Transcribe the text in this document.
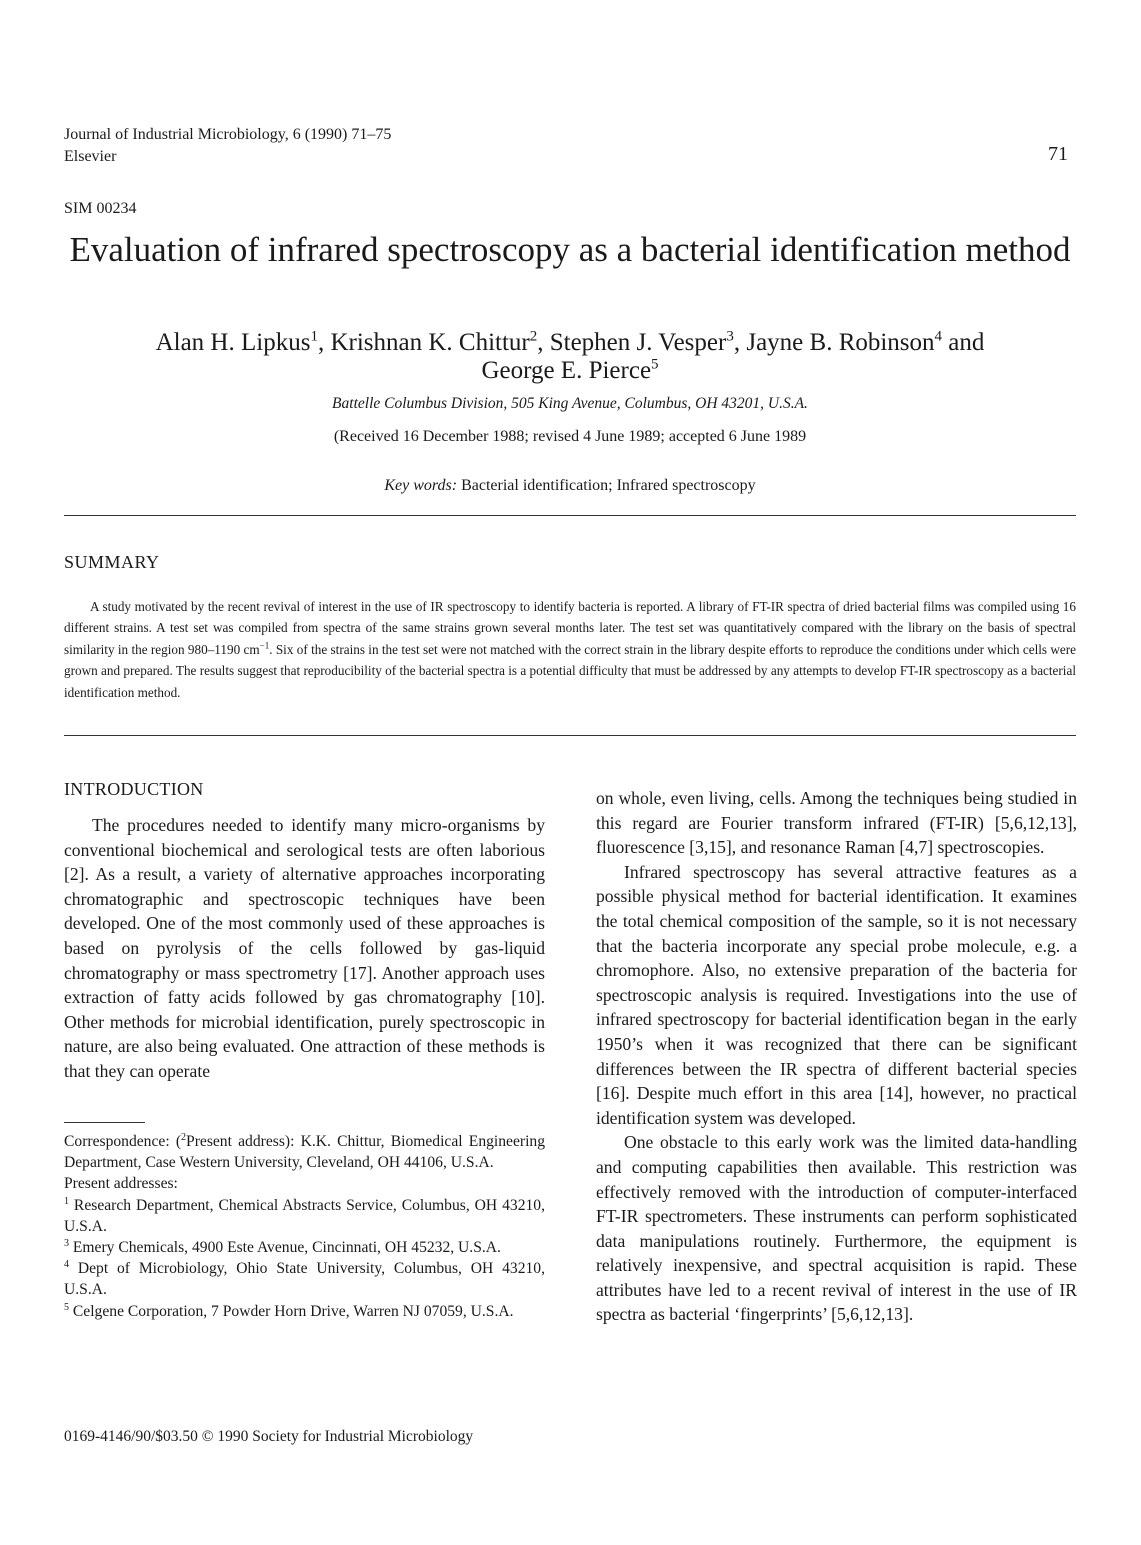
Journal of Industrial Microbiology, 6 (1990) 71–75
Elsevier	71
SIM 00234
Evaluation of infrared spectroscopy as a bacterial identification method
Alan H. Lipkus$^1$, Krishnan K. Chittur$^2$, Stephen J. Vesper$^3$, Jayne B. Robinson$^4$ and
George E. Pierce$^5$
Battelle Columbus Division, 505 King Avenue, Columbus, OH 43201, U.S.A.
(Received 16 December 1988; revised 4 June 1989; accepted 6 June 1989
Key words: Bacterial identification; Infrared spectroscopy
SUMMARY
A study motivated by the recent revival of interest in the use of IR spectroscopy to identify bacteria is reported. A library of FT-IR spectra of dried bacterial films was compiled using 16 different strains. A test set was compiled from spectra of the same strains grown several months later. The test set was quantitatively compared with the library on the basis of spectral similarity in the region 980–1190 $cm^{-1}$. Six of the strains in the test set were not matched with the correct strain in the library despite efforts to reproduce the conditions under which cells were grown and prepared. The results suggest that reproducibility of the bacterial spectra is a potential difficulty that must be addressed by any attempts to develop FT-IR spectroscopy as a bacterial identification method.
INTRODUCTION

The procedures needed to identify many micro-organisms by conventional biochemical and serological tests are often laborious [2]. As a result, a variety of alternative approaches incorporating chromatographic and spectroscopic techniques have been developed. One of the most commonly used of these approaches is based on pyrolysis of the cells followed by gas-liquid chromatography or mass spectrometry [17]. Another approach uses extraction of fatty acids followed by gas chromatography [10]. Other methods for microbial identification, purely spectroscopic in nature, are also being evaluated. One attraction of these methods is that they can operate

on whole, even living, cells. Among the techniques being studied in this regard are Fourier transform infrared (FT-IR) [5,6,12,13], fluorescence [3,15], and resonance Raman [4,7] spectroscopies.

Infrared spectroscopy has several attractive features as a possible physical method for bacterial identification. It examines the total chemical composition of the sample, so it is not necessary that the bacteria incorporate any special probe molecule, e.g. a chromophore. Also, no extensive preparation of the bacteria for spectroscopic analysis is required. Investigations into the use of infrared spectroscopy for bacterial identification began in the early 1950’s when it was recognized that there can be significant differences between the IR spectra of different bacterial species [16]. Despite much effort in this area [14], however, no practical identification system was developed.

One obstacle to this early work was the limited data-handling and computing capabilities then available. This restriction was effectively removed with the introduction of computer-interfaced FT-IR spectrometers. These instruments can perform sophisticated data manipulations routinely. Furthermore, the equipment is relatively inexpensive, and spectral acquisition is rapid. These attributes have led to a recent revival of interest in the use of IR spectra as bacterial ‘fingerprints’ [5,6,12,13].

Correspondence: ($^2$Present address): K.K. Chittur, Biomedical Engineering Department, Case Western University, Cleveland, OH 44106, U.S.A.

Present addresses:

$^1$ Research Department, Chemical Abstracts Service, Columbus, OH 43210, U.S.A.

$^3$ Emery Chemicals, 4900 Este Avenue, Cincinnati, OH 45232, U.S.A.

$^4$ Dept of Microbiology, Ohio State University, Columbus, OH 43210, U.S.A.

$^5$ Celgene Corporation, 7 Powder Horn Drive, Warren NJ 07059, U.S.A.

0169-4146/90/$03.50 © 1990 Society for Industrial Microbiology
